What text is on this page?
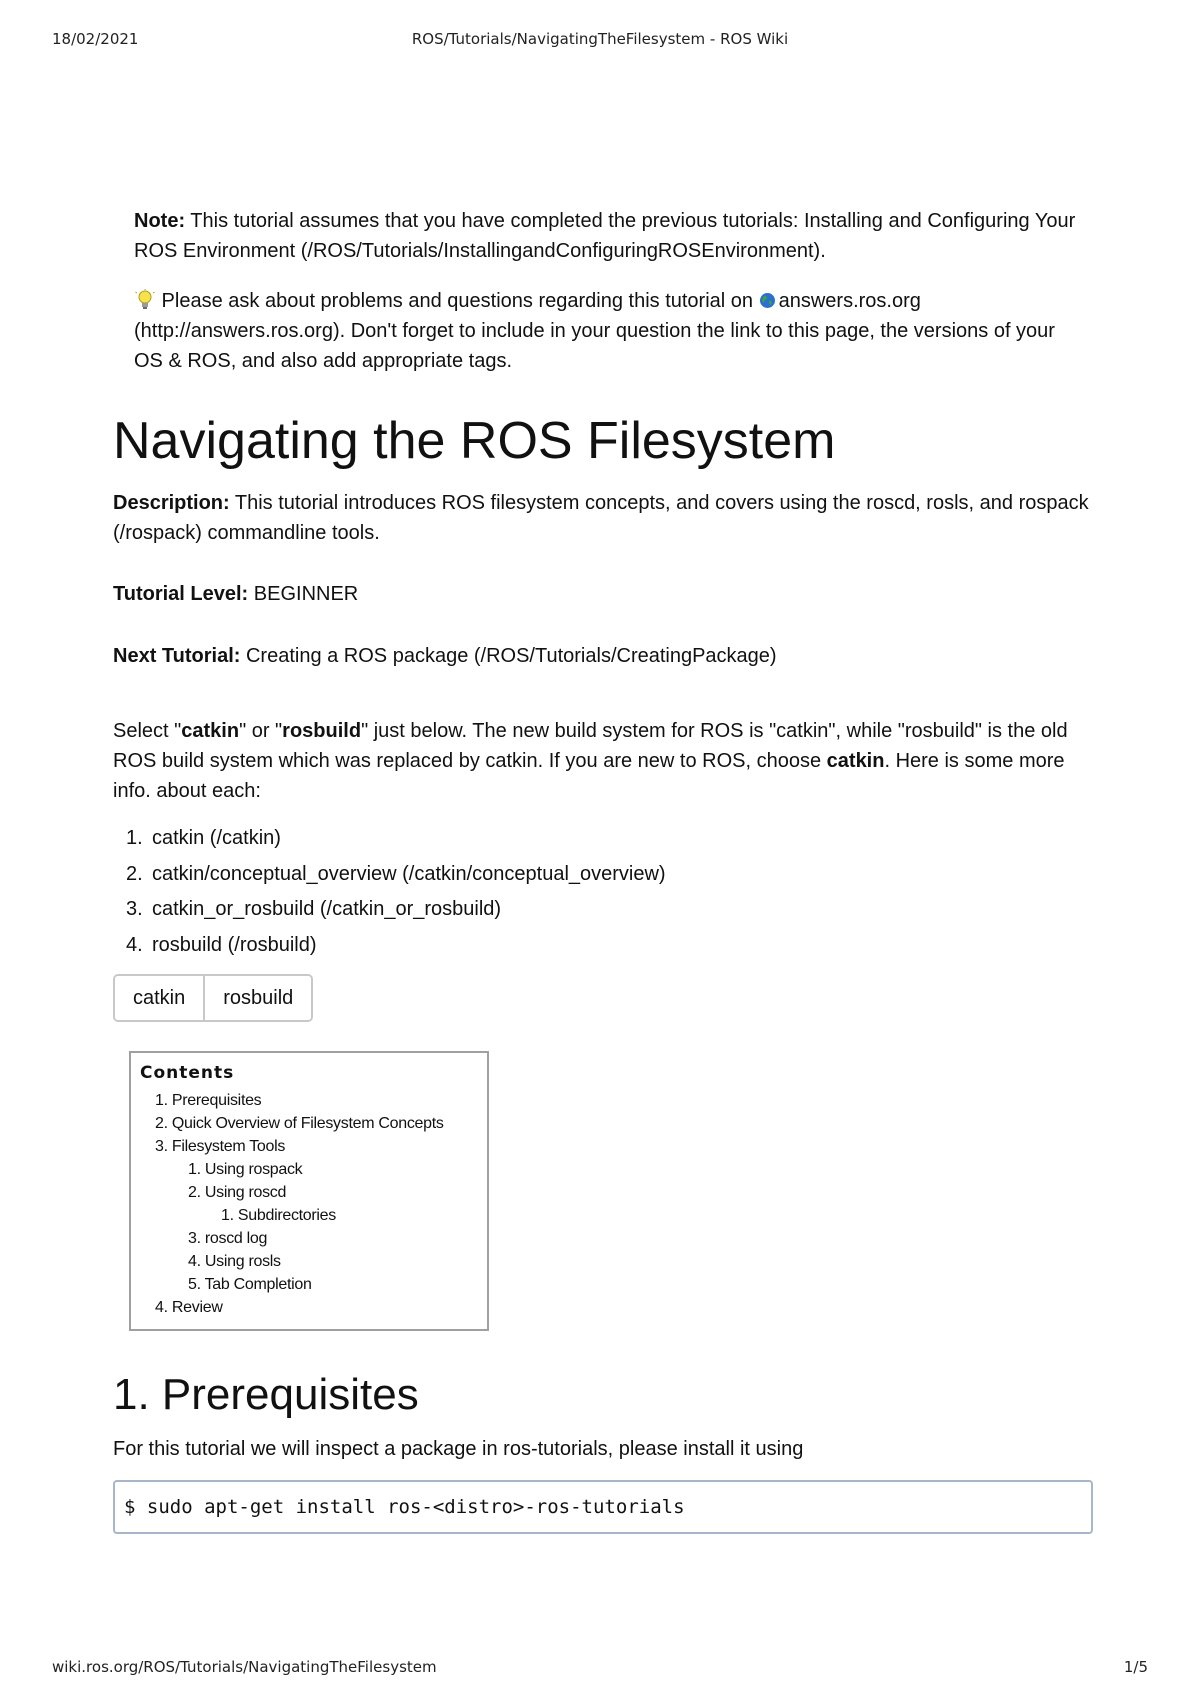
18/02/2021	ROS/Tutorials/NavigatingTheFilesystem - ROS Wiki

Note: This tutorial assumes that you have completed the previous tutorials: Installing and Configuring Your ROS Environment (/ROS/Tutorials/InstallingandConfiguringROSEnvironment).

Please ask about problems and questions regarding this tutorial on answers.ros.org (http://answers.ros.org). Don't forget to include in your question the link to this page, the versions of your OS & ROS, and also add appropriate tags.

Navigating the ROS Filesystem

Description: This tutorial introduces ROS filesystem concepts, and covers using the roscd, rosls, and rospack (/rospack) commandline tools.

Tutorial Level: BEGINNER

Next Tutorial: Creating a ROS package (/ROS/Tutorials/CreatingPackage)

Select "catkin" or "rosbuild" just below. The new build system for ROS is "catkin", while "rosbuild" is the old ROS build system which was replaced by catkin. If you are new to ROS, choose catkin. Here is some more info. about each:

1. catkin (/catkin)
2. catkin/conceptual_overview (/catkin/conceptual_overview)
3. catkin_or_rosbuild (/catkin_or_rosbuild)
4. rosbuild (/rosbuild)
catkin	rosbuild
Contents
1. Prerequisites
2. Quick Overview of Filesystem Concepts
3. Filesystem Tools
1. Using rospack
2. Using roscd
1. Subdirectories
3. roscd log
4. Using rosls
5. Tab Completion
4. Review
1. Prerequisites

For this tutorial we will inspect a package in ros-tutorials, please install it using

$ sudo apt-get install ros-<distro>-ros-tutorials
wiki.ros.org/ROS/Tutorials/NavigatingTheFilesystem	1/5
